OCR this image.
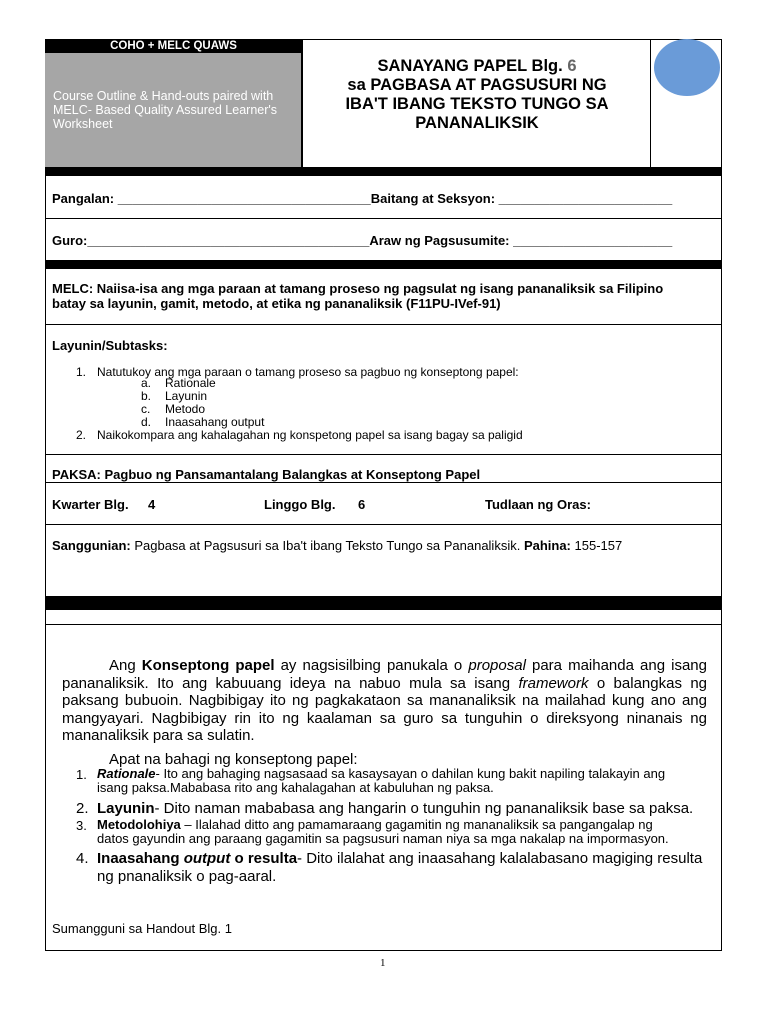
COHO + MELC QUAWS
Course Outline & Hand-outs paired with MELC- Based Quality Assured Learner's Worksheet
SANAYANG PAPEL Blg. 6
sa PAGBASA AT PAGSUSURI NG
IBA'T IBANG TEKSTO TUNGO SA
PANANALIKSIK
Pangalan: ___________________________________Baitang at Seksyon: ________________________
Guro:_______________________________________Araw ng Pagsusumite: ______________________
MELC: Naiisa-isa ang mga paraan at tamang proseso ng pagsulat ng isang pananaliksik sa Filipino
batay sa layunin, gamit, metodo, at etika ng pananaliksik (F11PU-IVef-91)
Layunin/Subtasks:
1. Natutukoy ang mga paraan o tamang proseso sa pagbuo ng konseptong papel:
a. Rationale
b. Layunin
c. Metodo
d. Inaasahang output
2. Naikokompara ang kahalagahan ng konspetong papel sa isang bagay sa paligid
PAKSA: Pagbuo ng Pansamantalang Balangkas at Konseptong Papel
Kwarter Blg. 4	Linggo Blg. 6	Tudlaan ng Oras:
Sanggunian: Pagbasa at Pagsusuri sa Iba't ibang Teksto Tungo sa Pananaliksik. Pahina: 155-157
Ang Konseptong papel ay nagsisilbing panukala o proposal para maihanda ang isang
pananaliksik. Ito ang kabuuang ideya na nabuo mula sa isang framework o balangkas ng
paksang bubuoin. Nagbibigay ito ng pagkakataon sa mananaliksik na mailahad kung ano ang
mangyayari. Nagbibigay rin ito ng kaalaman sa guro sa tunguhin o direksyong ninanais ng
mananaliksik para sa sulatin.
Apat na bahagi ng konseptong papel:
1. Rationale- Ito ang bahaging nagsasaad sa kasaysayan o dahilan kung bakit napiling talakayin ang
isang paksa.Mababasa rito ang kahalagahan at kabuluhan ng paksa.
2. Layunin- Dito naman mababasa ang hangarin o tunguhin ng pananaliksik base sa paksa.
3. Metodolohiya – Ilalahad ditto ang pamamaraang gagamitin ng mananaliksik sa pangangalap ng
datos gayundin ang paraang gagamitin sa pagsusuri naman niya sa mga nakalap na impormasyon.
4. Inaasahang output o resulta- Dito ilalahat ang inaasahang kalalabasano magiging resulta
ng pnanaliksik o pag-aaral.
Sumangguni sa Handout Blg. 1
1
